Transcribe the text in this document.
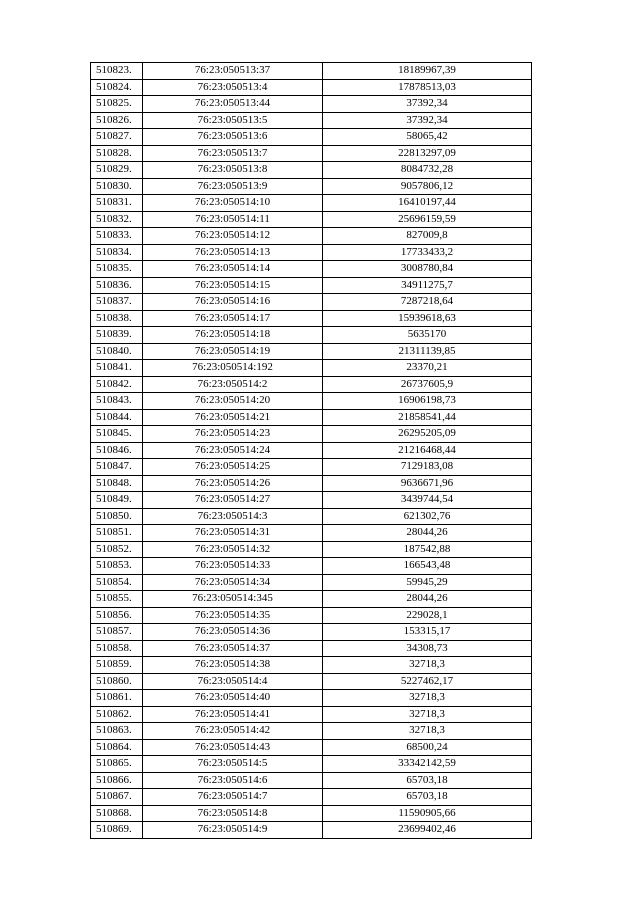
510823.	76:23:050513:37	18189967,39
510824.	76:23:050513:4	17878513,03
510825.	76:23:050513:44	37392,34
510826.	76:23:050513:5	37392,34
510827.	76:23:050513:6	58065,42
510828.	76:23:050513:7	22813297,09
510829.	76:23:050513:8	8084732,28
510830.	76:23:050513:9	9057806,12
510831.	76:23:050514:10	16410197,44
510832.	76:23:050514:11	25696159,59
510833.	76:23:050514:12	827009,8
510834.	76:23:050514:13	17733433,2
510835.	76:23:050514:14	3008780,84
510836.	76:23:050514:15	34911275,7
510837.	76:23:050514:16	7287218,64
510838.	76:23:050514:17	15939618,63
510839.	76:23:050514:18	5635170
510840.	76:23:050514:19	21311139,85
510841.	76:23:050514:192	23370,21
510842.	76:23:050514:2	26737605,9
510843.	76:23:050514:20	16906198,73
510844.	76:23:050514:21	21858541,44
510845.	76:23:050514:23	26295205,09
510846.	76:23:050514:24	21216468,44
510847.	76:23:050514:25	7129183,08
510848.	76:23:050514:26	9636671,96
510849.	76:23:050514:27	3439744,54
510850.	76:23:050514:3	621302,76
510851.	76:23:050514:31	28044,26
510852.	76:23:050514:32	187542,88
510853.	76:23:050514:33	166543,48
510854.	76:23:050514:34	59945,29
510855.	76:23:050514:345	28044,26
510856.	76:23:050514:35	229028,1
510857.	76:23:050514:36	153315,17
510858.	76:23:050514:37	34308,73
510859.	76:23:050514:38	32718,3
510860.	76:23:050514:4	5227462,17
510861.	76:23:050514:40	32718,3
510862.	76:23:050514:41	32718,3
510863.	76:23:050514:42	32718,3
510864.	76:23:050514:43	68500,24
510865.	76:23:050514:5	33342142,59
510866.	76:23:050514:6	65703,18
510867.	76:23:050514:7	65703,18
510868.	76:23:050514:8	11590905,66
510869.	76:23:050514:9	23699402,46
